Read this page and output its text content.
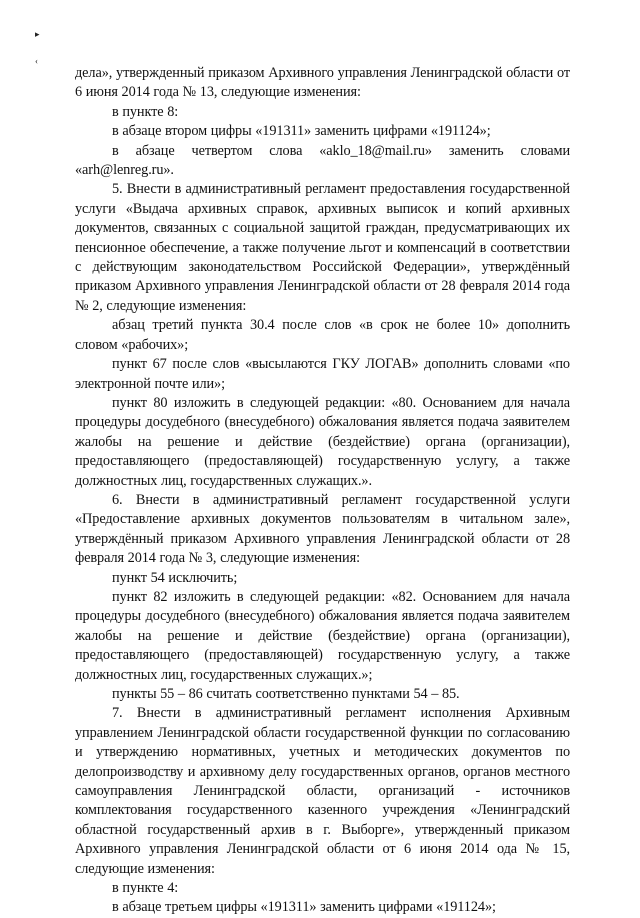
▸
‹

дела», утвержденный приказом Архивного управления Ленинградской области от 6 июня 2014 года № 13, следующие изменения:

в пункте 8:

в абзаце втором цифры «191311» заменить цифрами «191124»;

в абзаце четвертом слова «aklo_18@mail.ru» заменить словами «arh@lenreg.ru».

5. Внести в административный регламент предоставления государственной услуги «Выдача архивных справок, архивных выписок и копий архивных документов, связанных с социальной защитой граждан, предусматривающих их пенсионное обеспечение, а также получение льгот и компенсаций в соответствии с действующим законодательством Российской Федерации», утверждённый приказом Архивного управления Ленинградской области от 28 февраля 2014 года № 2, следующие изменения:

абзац третий пункта 30.4 после слов «в срок не более 10» дополнить словом «рабочих»;

пункт 67 после слов «высылаются ГКУ ЛОГАВ» дополнить словами «по электронной почте или»;

пункт 80 изложить в следующей редакции: «80. Основанием для начала процедуры досудебного (внесудебного) обжалования является подача заявителем жалобы на решение и действие (бездействие) органа (организации), предоставляющего (предоставляющей) государственную услугу, а также должностных лиц, государственных служащих.».

6. Внести в административный регламент государственной услуги «Предоставление архивных документов пользователям в читальном зале», утверждённый приказом Архивного управления Ленинградской области от 28 февраля 2014 года № 3, следующие изменения:

пункт 54 исключить;

пункт 82 изложить в следующей редакции: «82. Основанием для начала процедуры досудебного (внесудебного) обжалования является подача заявителем жалобы на решение и действие (бездействие) органа (организации), предоставляющего (предоставляющей) государственную услугу, а также должностных лиц, государственных служащих.»;

пункты 55 – 86 считать соответственно пунктами 54 – 85.

7. Внести в административный регламент исполнения Архивным управлением Ленинградской области государственной функции по согласованию и утверждению нормативных, учетных и методических документов по делопроизводству и архивному делу государственных органов, органов местного самоуправления Ленинградской области, организаций - источников комплектования государственного казенного учреждения «Ленинградский областной государственный архив в г. Выборге», утвержденный приказом Архивного управления Ленинградской области от 6 июня 2014 ода № 15, следующие изменения:

в пункте 4:

в абзаце третьем цифры «191311» заменить цифрами «191124»;
